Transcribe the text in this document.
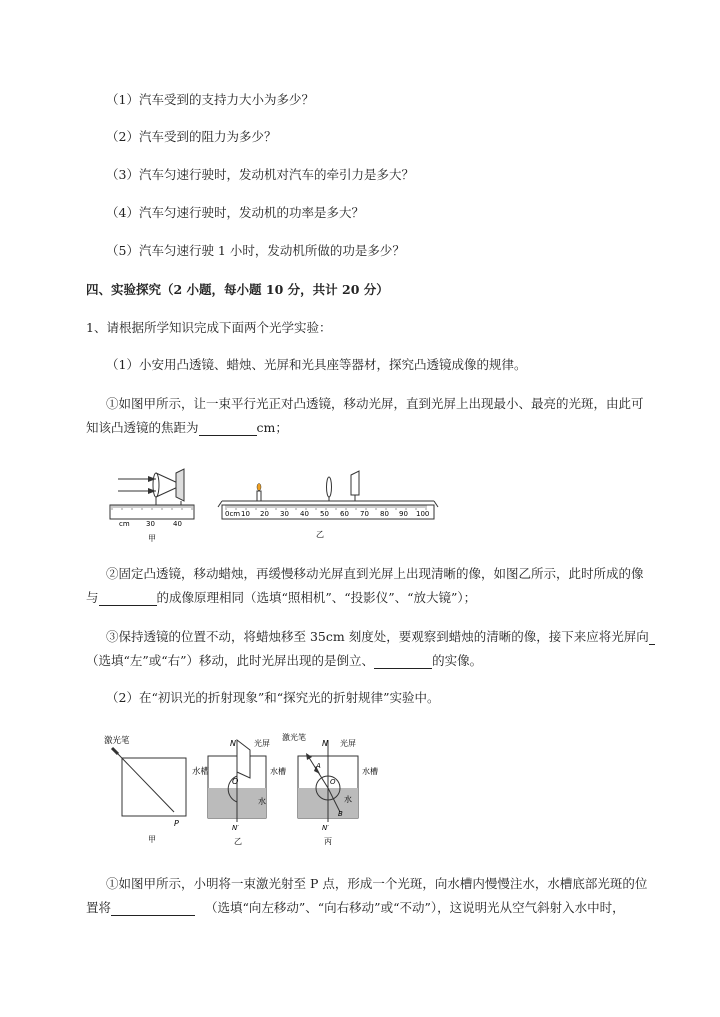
（1）汽车受到的支持力大小为多少？
（2）汽车受到的阻力为多少？
（3）汽车匀速行驶时，发动机对汽车的牵引力是多大？
（4）汽车匀速行驶时，发动机的功率是多大？
（5）汽车匀速行驶 1 小时，发动机所做的功是多少？
四、实验探究（2 小题，每小题 10 分，共计 20 分）
1、请根据所学知识完成下面两个光学实验：
（1）小安用凸透镜、蜡烛、光屏和光具座等器材，探究凸透镜成像的规律。
①如图甲所示，让一束平行光正对凸透镜，移动光屏，直到光屏上出现最小、最亮的光斑，由此可
知该凸透镜的焦距为	cm；
cm 30	40
甲
0cm 10 20 30 40 50 60 70 80 90 100
乙
②固定凸透镜，移动蜡烛，再缓慢移动光屏直到光屏上出现清晰的像，如图乙所示，此时所成的像
与	的成像原理相同（选填“照相机”、“投影仪”、“放大镜”）；
③保持透镜的位置不动，将蜡烛移至 35cm 刻度处，要观察到蜡烛的清晰的像，接下来应将光屏向
（选填“左”或“右”）移动，此时光屏出现的是倒立、	的实像。
（2）在“初识光的折射现象”和“探究光的折射规律”实验中。
激光笔
水槽
P
甲
N 光屏
O
水槽
水
N′
乙
激光笔
A
O
B
N 光屏
水槽
水
N′
丙
①如图甲所示，小明将一束激光射至 P 点，形成一个光斑，向水槽内慢慢注水，水槽底部光斑的位
置将	（选填“向左移动”、“向右移动”或“不动”），这说明光从空气斜射入水中时，
